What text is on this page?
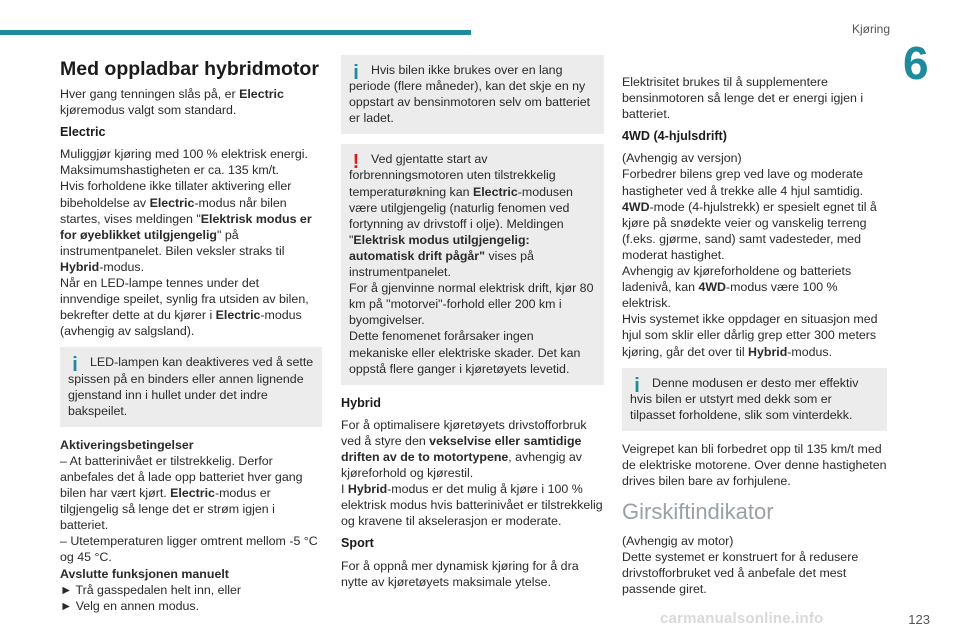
Kjøring
6
Med oppladbar hybridmotor

Hver gang tenningen slås på, er Electric kjøremodus valgt som standard.

Electric

Muliggjør kjøring med 100 % elektrisk energi.
Maksimumshastigheten er ca. 135 km/t.
Hvis forholdene ikke tillater aktivering eller bibeholdelse av Electric-modus når bilen startes, vises meldingen "Elektrisk modus er for øyeblikket utilgjengelig" på instrumentpanelet. Bilen veksler straks til Hybrid-modus.
Når en LED-lampe tennes under det innvendige speilet, synlig fra utsiden av bilen, bekrefter dette at du kjører i Electric-modus (avhengig av salgsland).

i LED-lampen kan deaktiveres ved å sette spissen på en binders eller annen lignende gjenstand inn i hullet under det indre bakspeilet.

Aktiveringsbetingelser
– At batterinivået er tilstrekkelig. Derfor anbefales det å lade opp batteriet hver gang bilen har vært kjørt. Electric-modus er tilgjengelig så lenge det er strøm igjen i batteriet.
– Utetemperaturen ligger omtrent mellom -5 °C og 45 °C.
Avslutte funksjonen manuelt
► Trå gasspedalen helt inn, eller
► Velg en annen modus.

i Hvis bilen ikke brukes over en lang periode (flere måneder), kan det skje en ny oppstart av bensinmotoren selv om batteriet er ladet.
! Ved gjentatte start av forbrenningsmotoren uten tilstrekkelig temperaturøkning kan Electric-modusen være utilgjengelig (naturlig fenomen ved fortynning av drivstoff i olje). Meldingen "Elektrisk modus utilgjengelig: automatisk drift pågår" vises på instrumentpanelet.
For å gjenvinne normal elektrisk drift, kjør 80 km på "motorvei"-forhold eller 200 km i byomgivelser.
Dette fenomenet forårsaker ingen mekaniske eller elektriske skader. Det kan oppstå flere ganger i kjøretøyets levetid.
Hybrid

For å optimalisere kjøretøyets drivstofforbruk ved å styre den vekselvise eller samtidige driften av de to motortypene, avhengig av kjøreforhold og kjørestil.
I Hybrid-modus er det mulig å kjøre i 100 % elektrisk modus hvis batterinivået er tilstrekkelig og kravene til akselerasjon er moderate.

Sport

For å oppnå mer dynamisk kjøring for å dra nytte av kjøretøyets maksimale ytelse.

Elektrisitet brukes til å supplementere bensinmotoren så lenge det er energi igjen i batteriet.

4WD (4-hjulsdrift)

(Avhengig av versjon)
Forbedrer bilens grep ved lave og moderate hastigheter ved å trekke alle 4 hjul samtidig.
4WD-mode (4-hjulstrekk) er spesielt egnet til å kjøre på snødekte veier og vanskelig terreng (f.eks. gjørme, sand) samt vadesteder, med moderat hastighet.
Avhengig av kjøreforholdene og batteriets ladenivå, kan 4WD-modus være 100 % elektrisk.
Hvis systemet ikke oppdager en situasjon med hjul som sklir eller dårlig grep etter 300 meters kjøring, går det over til Hybrid-modus.

i Denne modusen er desto mer effektiv hvis bilen er utstyrt med dekk som er tilpasset forholdene, slik som vinterdekk.

Veigrepet kan bli forbedret opp til 135 km/t med de elektriske motorene. Over denne hastigheten drives bilen bare av forhjulene.

Girskiftindikator

(Avhengig av motor)
Dette systemet er konstruert for å redusere drivstofforbruket ved å anbefale det mest passende giret.

carmanualsonline.info	123
